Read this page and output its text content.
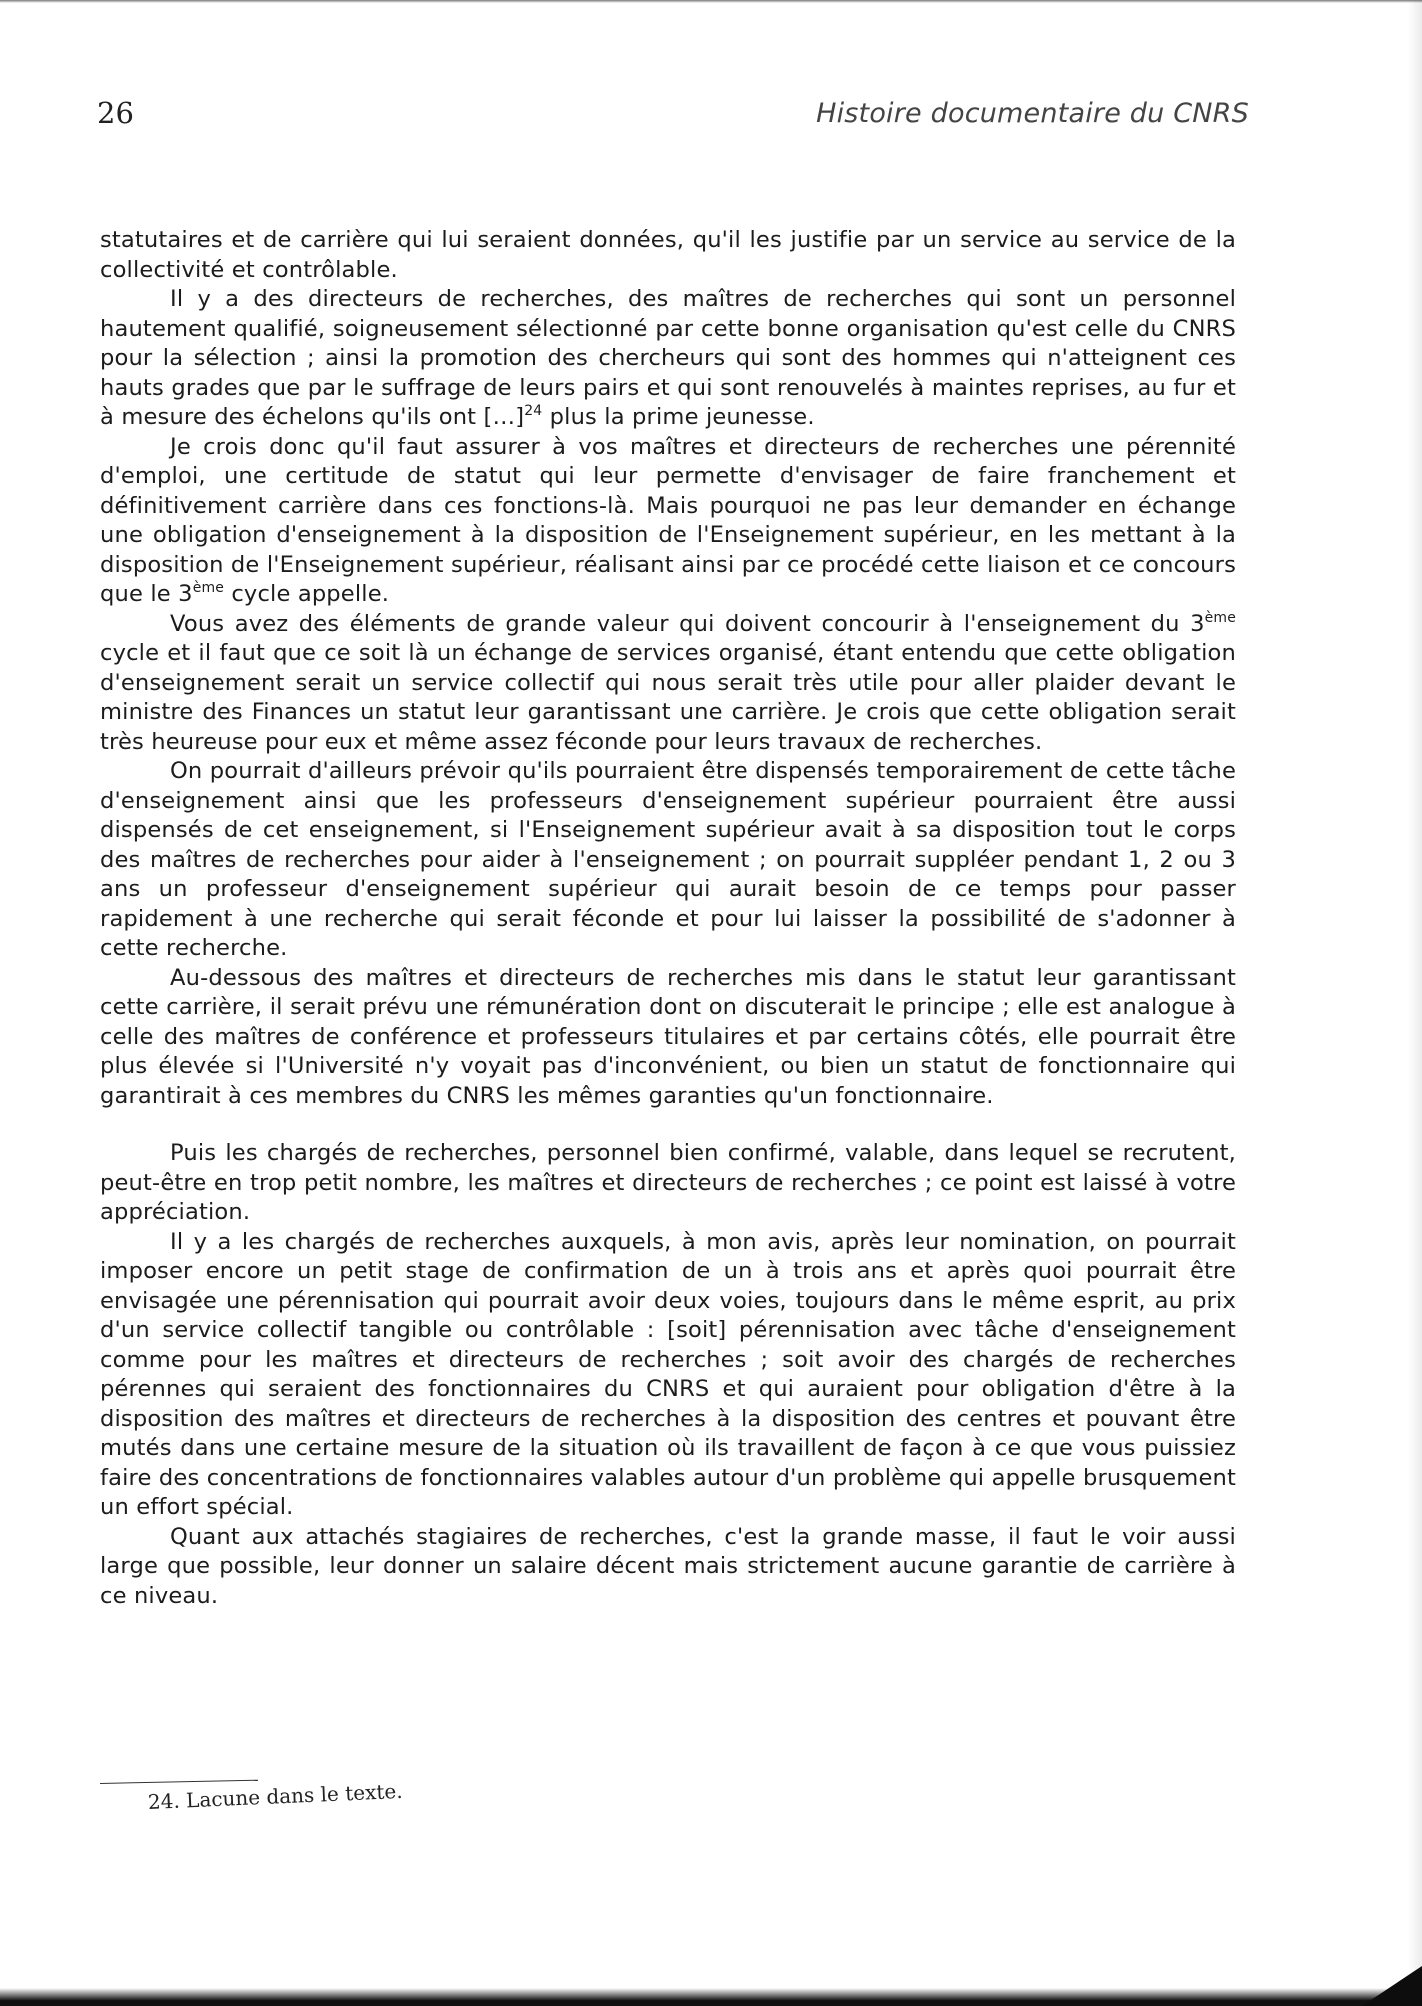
26	Histoire documentaire du CNRS

statutaires et de carrière qui lui seraient données, qu'il les justifie par un service au service de la collectivité et contrôlable.

Il y a des directeurs de recherches, des maîtres de recherches qui sont un personnel hautement qualifié, soigneusement sélectionné par cette bonne organisation qu'est celle du CNRS pour la sélection ; ainsi la promotion des chercheurs qui sont des hommes qui n'atteignent ces hauts grades que par le suffrage de leurs pairs et qui sont renouvelés à maintes reprises, au fur et à mesure des échelons qu'ils ont […]$^{24}$ plus la prime jeunesse.

Je crois donc qu'il faut assurer à vos maîtres et directeurs de recherches une pérennité d'emploi, une certitude de statut qui leur permette d'envisager de faire franchement et définitivement carrière dans ces fonctions-là. Mais pourquoi ne pas leur demander en échange une obligation d'enseignement à la disposition de l'Enseignement supérieur, en les mettant à la disposition de l'Enseignement supérieur, réalisant ainsi par ce procédé cette liaison et ce concours que le 3ème cycle appelle.

Vous avez des éléments de grande valeur qui doivent concourir à l'enseignement du 3ème cycle et il faut que ce soit là un échange de services organisé, étant entendu que cette obligation d'enseignement serait un service collectif qui nous serait très utile pour aller plaider devant le ministre des Finances un statut leur garantissant une carrière. Je crois que cette obligation serait très heureuse pour eux et même assez féconde pour leurs travaux de recherches.

On pourrait d'ailleurs prévoir qu'ils pourraient être dispensés temporairement de cette tâche d'enseignement ainsi que les professeurs d'enseignement supérieur pourraient être aussi dispensés de cet enseignement, si l'Enseignement supérieur avait à sa disposition tout le corps des maîtres de recherches pour aider à l'enseignement ; on pourrait suppléer pendant 1, 2 ou 3 ans un professeur d'enseignement supérieur qui aurait besoin de ce temps pour passer rapidement à une recherche qui serait féconde et pour lui laisser la possibilité de s'adonner à cette recherche.

Au-dessous des maîtres et directeurs de recherches mis dans le statut leur garantissant cette carrière, il serait prévu une rémunération dont on discuterait le principe ; elle est analogue à celle des maîtres de conférence et professeurs titulaires et par certains côtés, elle pourrait être plus élevée si l'Université n'y voyait pas d'inconvénient, ou bien un statut de fonctionnaire qui garantirait à ces membres du CNRS les mêmes garanties qu'un fonctionnaire.

Puis les chargés de recherches, personnel bien confirmé, valable, dans lequel se recrutent, peut-être en trop petit nombre, les maîtres et directeurs de recherches ; ce point est laissé à votre appréciation.

Il y a les chargés de recherches auxquels, à mon avis, après leur nomination, on pourrait imposer encore un petit stage de confirmation de un à trois ans et après quoi pourrait être envisagée une pérennisation qui pourrait avoir deux voies, toujours dans le même esprit, au prix d'un service collectif tangible ou contrôlable : [soit] pérennisation avec tâche d'enseignement comme pour les maîtres et directeurs de recherches ; soit avoir des chargés de recherches pérennes qui seraient des fonctionnaires du CNRS et qui auraient pour obligation d'être à la disposition des maîtres et directeurs de recherches à la disposition des centres et pouvant être mutés dans une certaine mesure de la situation où ils travaillent de façon à ce que vous puissiez faire des concentrations de fonctionnaires valables autour d'un problème qui appelle brusquement un effort spécial.

Quant aux attachés stagiaires de recherches, c'est la grande masse, il faut le voir aussi large que possible, leur donner un salaire décent mais strictement aucune garantie de carrière à ce niveau.

24. Lacune dans le texte.
